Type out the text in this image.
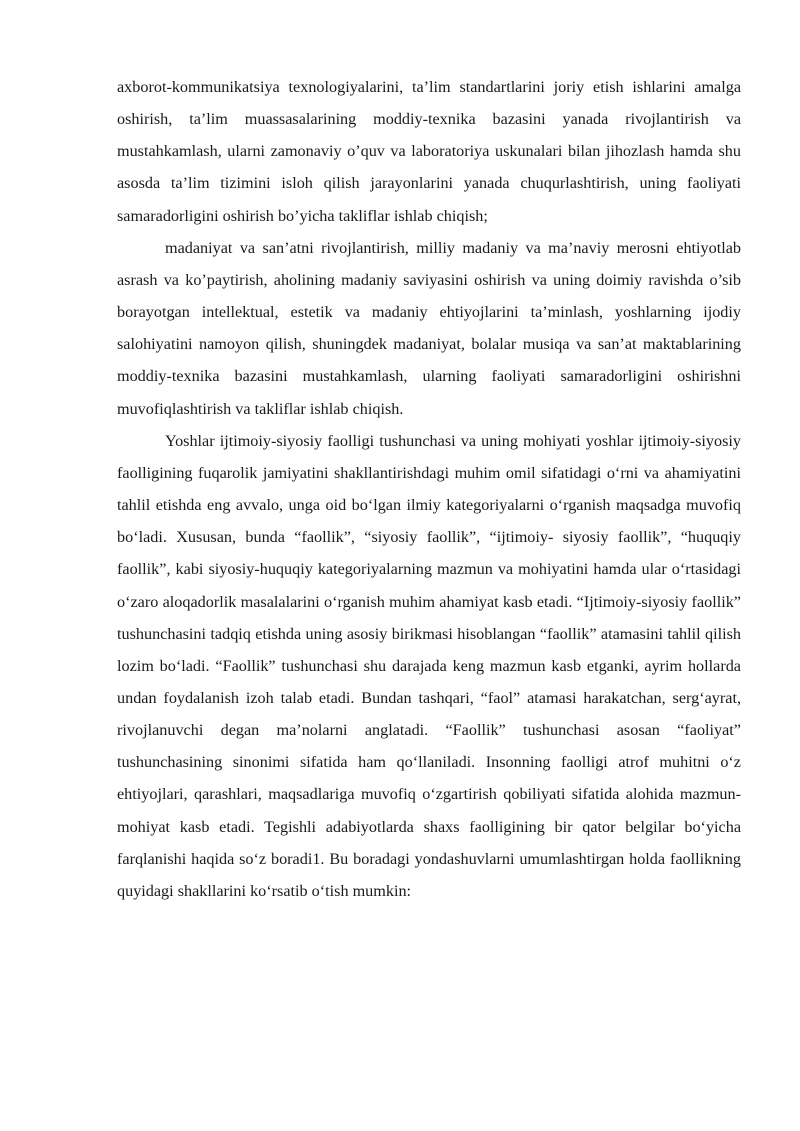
axborot-kommunikatsiya texnologiyalarini, ta’lim standartlarini joriy etish ishlarini amalga oshirish, ta’lim muassasalarining moddiy-texnika bazasini yanada rivojlantirish va mustahkamlash, ularni zamonaviy o’quv va laboratoriya uskunalari bilan jihozlash hamda shu asosda ta’lim tizimini isloh qilish jarayonlarini yanada chuqurlashtirish, uning faoliyati samaradorligini oshirish bo’yicha takliflar ishlab chiqish;

madaniyat va san’atni rivojlantirish, milliy madaniy va ma’naviy merosni ehtiyotlab asrash va ko’paytirish, aholining madaniy saviyasini oshirish va uning doimiy ravishda o’sib borayotgan intellektual, estetik va madaniy ehtiyojlarini ta’minlash, yoshlarning ijodiy salohiyatini namoyon qilish, shuningdek madaniyat, bolalar musiqa va san’at maktablarining moddiy-texnika bazasini mustahkamlash, ularning faoliyati samaradorligini oshirishni muvofiqlashtirish va takliflar ishlab chiqish.

Yoshlar ijtimoiy-siyosiy faolligi tushunchasi va uning mohiyati yoshlar ijtimoiy-siyosiy faolligining fuqarolik jamiyatini shakllantirishdagi muhim omil sifatidagi o‘rni va ahamiyatini tahlil etishda eng avvalo, unga oid bo‘lgan ilmiy kategoriyalarni o‘rganish maqsadga muvofiq bo‘ladi. Xususan, bunda “faollik”, “siyosiy faollik”, “ijtimoiy- siyosiy faollik”, “huquqiy faollik”, kabi siyosiy-huquqiy kategoriyalarning mazmun va mohiyatini hamda ular o‘rtasidagi o‘zaro aloqadorlik masalalarini o‘rganish muhim ahamiyat kasb etadi. “Ijtimoiy-siyosiy faollik” tushunchasini tadqiq etishda uning asosiy birikmasi hisoblangan “faollik” atamasini tahlil qilish lozim bo‘ladi. “Faollik” tushunchasi shu darajada keng mazmun kasb etganki, ayrim hollarda undan foydalanish izoh talab etadi. Bundan tashqari, “faol” atamasi harakatchan, serg‘ayrat, rivojlanuvchi degan ma’nolarni anglatadi. “Faollik” tushunchasi asosan “faoliyat” tushunchasining sinonimi sifatida ham qo‘llaniladi. Insonning faolligi atrof muhitni o‘z ehtiyojlari, qarashlari, maqsadlariga muvofiq o‘zgartirish qobiliyati sifatida alohida mazmun-mohiyat kasb etadi. Tegishli adabiyotlarda shaxs faolligining bir qator belgilar bo‘yicha farqlanishi haqida so‘z boradi1. Bu boradagi yondashuvlarni umumlashtirgan holda faollikning quyidagi shakllarini ko‘rsatib o‘tish mumkin:
